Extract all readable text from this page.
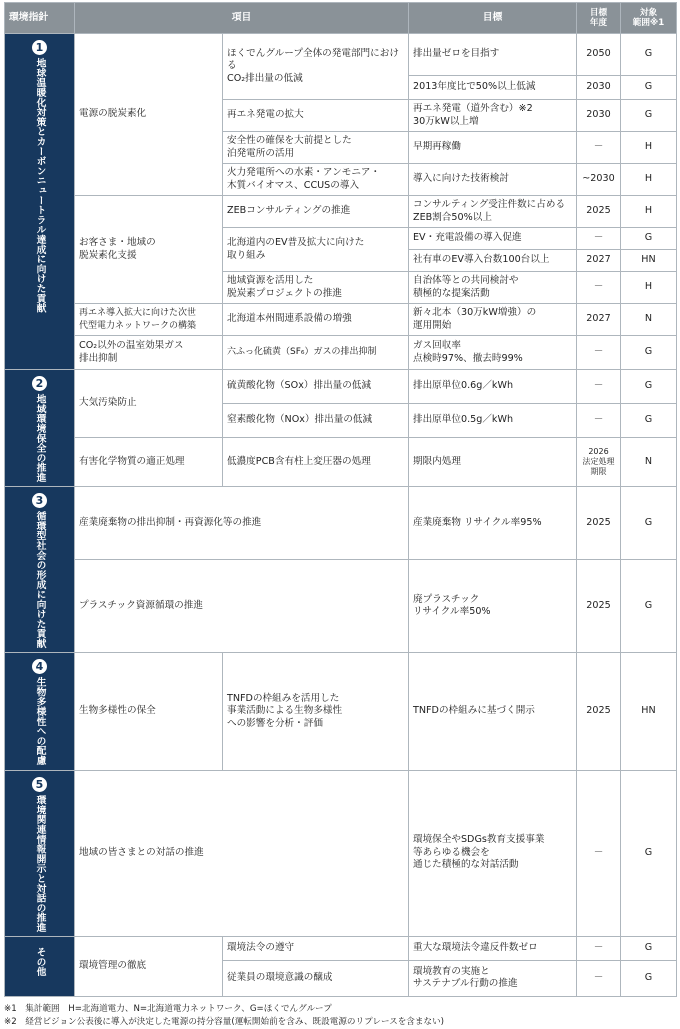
環境指針	項目		目標	目標
年度	対象
範囲※1

1
地球温暖化対策とカーボンニュートラル達成に向けた貢献	電源の脱炭素化	ほくでんグループ全体の発電部門における
CO₂排出量の低減	排出量ゼロを目指す	2050	G
			2013年度比で50%以上低減	2030	G
		再エネ発電の拡大	再エネ発電（道外含む）※2
30万kW以上増	2030	G
		安全性の確保を大前提とした
泊発電所の活用	早期再稼働	－	H
		火力発電所への水素・アンモニア・
木質バイオマス、CCUSの導入	導入に向けた技術検討	~2030	H
	お客さま・地域の
脱炭素化支援	ZEBコンサルティングの推進	コンサルティング受注件数に占める
ZEB割合50%以上	2025	H
		北海道内のEV普及拡大に向けた
取り組み	EV・充電設備の導入促進	－	G
			社有車のEV導入台数100台以上	2027	HN
		地域資源を活用した
脱炭素プロジェクトの推進	自治体等との共同検討や
積極的な提案活動	－	H
	再エネ導入拡大に向けた次世
代型電力ネットワークの構築	北海道本州間連系設備の増強	新々北本（30万kW増強）の
運用開始	2027	N
	CO₂以外の温室効果ガス
排出抑制	六ふっ化硫黄（SF₆）ガスの排出抑制	ガス回収率
点検時97%、撤去時99%	－	G

2
地域環境保全の推進	大気汚染防止	硫黄酸化物（SOx）排出量の低減	排出原単位0.6g／kWh	－	G
		窒素酸化物（NOx）排出量の低減	排出原単位0.5g／kWh	－	G
	有害化学物質の適正処理	低濃度PCB含有柱上変圧器の処理	期限内処理	2026
法定処理
期限	N

3
循環型社会の形成に向けた貢献	産業廃棄物の排出抑制・再資源化等の推進		産業廃棄物 リサイクル率95%	2025	G
	プラスチック資源循環の推進		廃プラスチック
リサイクル率50%	2025	G

4
生物多様性への配慮	生物多様性の保全	TNFDの枠組みを活用した
事業活動による生物多様性
への影響を分析・評価	TNFDの枠組みに基づく開示	2025	HN

5
環境関連情報開示と対話の推進	地域の皆さまとの対話の推進		環境保全やSDGs教育支援事業
等あらゆる機会を
通じた積極的な対話活動	－	G

その他	環境管理の徹底	環境法令の遵守	重大な環境法令違反件数ゼロ	－	G
		従業員の環境意識の醸成	環境教育の実施と
サステナブル行動の推進	－	G
※1　集計範囲　H=北海道電力、N=北海道電力ネットワーク、G=ほくでんグループ
※2　経営ビジョン公表後に導入が決定した電源の持分容量(運転開始前を含み、既設電源のリプレースを含まない)
